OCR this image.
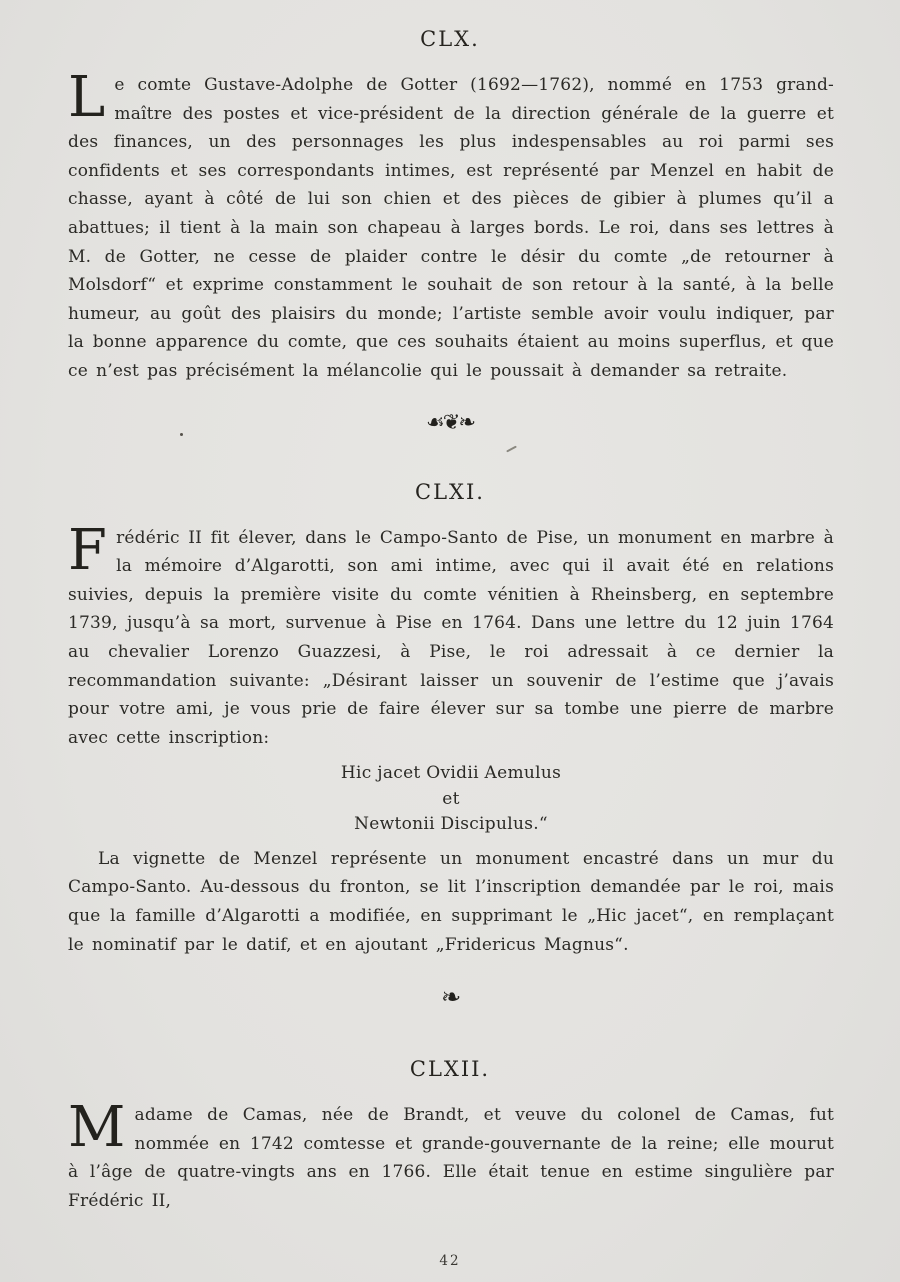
CLX.

Le comte Gustave-Adolphe de Gotter (1692—1762), nommé en 1753 grand-maître des postes et vice-président de la direction générale de la guerre et des finances, un des personnages les plus indespensables au roi parmi ses confidents et ses correspondants intimes, est représenté par Menzel en habit de chasse, ayant à côté de lui son chien et des pièces de gibier à plumes qu’il a abattues; il tient à la main son chapeau à larges bords. Le roi, dans ses lettres à M. de Gotter, ne cesse de plaider contre le désir du comte „de retourner à Molsdorf“ et exprime constamment le souhait de son retour à la santé, à la belle humeur, au goût des plaisirs du monde; l’artiste semble avoir voulu indiquer, par la bonne apparence du comte, que ces souhaits étaient au moins superflus, et que ce n’est pas précisément la mélancolie qui le poussait à demander sa retraite.

☙❦❧
CLXI.

Frédéric II fit élever, dans le Campo-Santo de Pise, un monument en marbre à la mémoire d’Algarotti, son ami intime, avec qui il avait été en relations suivies, depuis la première visite du comte vénitien à Rheinsberg, en septembre 1739, jusqu’à sa mort, survenue à Pise en 1764. Dans une lettre du 12 juin 1764 au chevalier Lorenzo Guazzesi, à Pise, le roi adressait à ce dernier la recommandation suivante: „Désirant laisser un souvenir de l’estime que j’avais pour votre ami, je vous prie de faire élever sur sa tombe une pierre de marbre avec cette inscription:

Hic jacet Ovidii Aemulus
et
Newtonii Discipulus.“

La vignette de Menzel représente un monument encastré dans un mur du Campo-Santo. Au-dessous du fronton, se lit l’inscription demandée par le roi, mais que la famille d’Algarotti a modifiée, en supprimant le „Hic jacet“, en remplaçant le nominatif par le datif, et en ajoutant „Fridericus Magnus“.

❧
CLXII.

Madame de Camas, née de Brandt, et veuve du colonel de Camas, fut nommée en 1742 comtesse et grande-gouvernante de la reine; elle mourut à l’âge de quatre-vingts ans en 1766. Elle était tenue en estime singulière par Frédéric II,

42
